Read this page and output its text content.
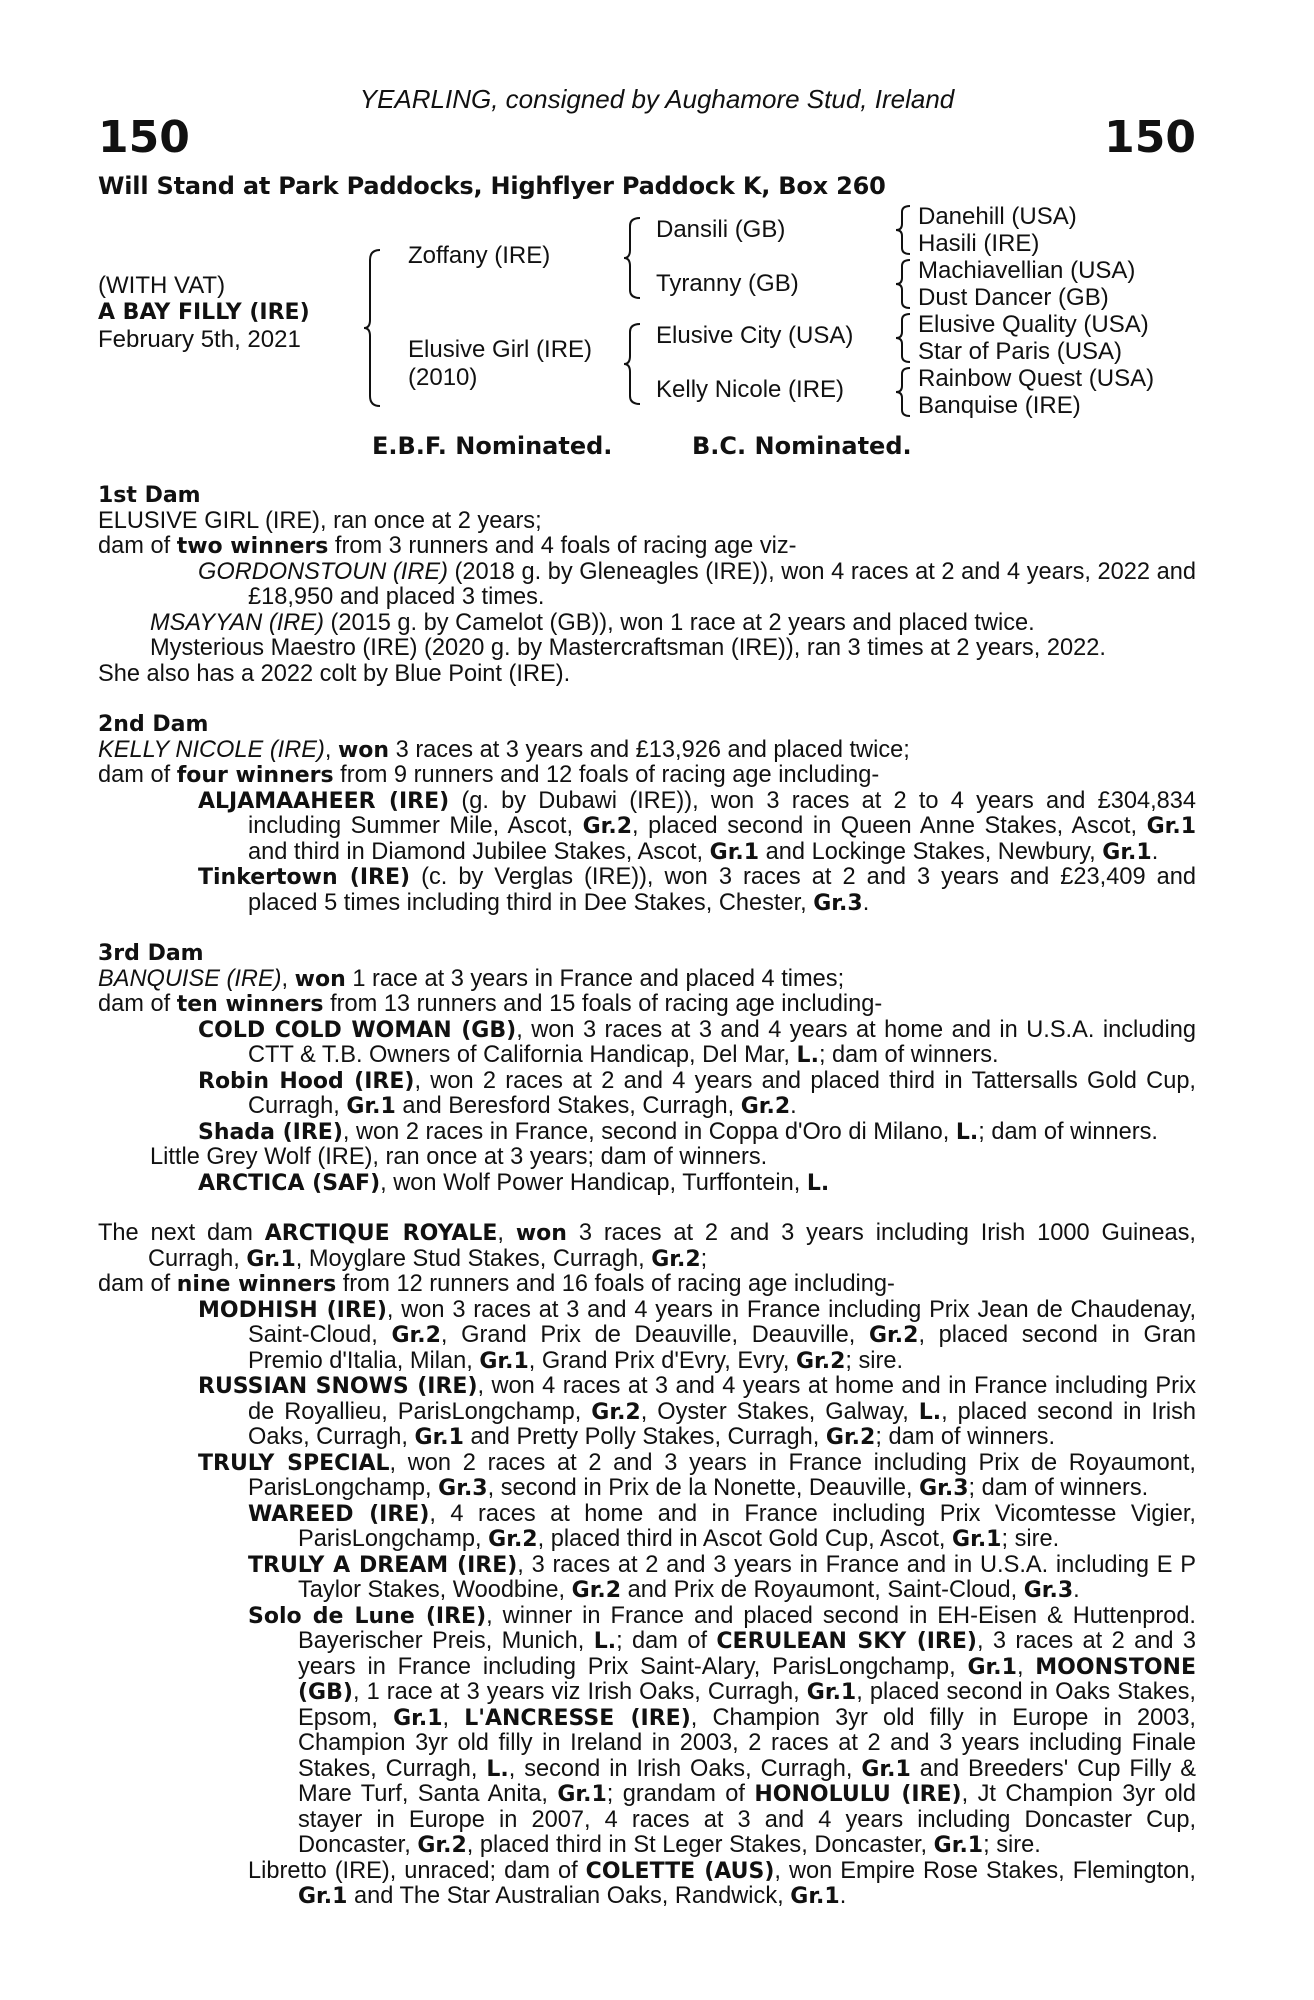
YEARLING, consigned by Aughamore Stud, Ireland
150	150
Will Stand at Park Paddocks, Highflyer Paddock K, Box 260
(WITH VAT)
A BAY FILLY (IRE)
February 5th, 2021
Zoffany (IRE)
Elusive Girl (IRE)
(2010)
Dansili (GB)
Tyranny (GB)
Elusive City (USA)
Kelly Nicole (IRE)
Danehill (USA)
Hasili (IRE)
Machiavellian (USA)
Dust Dancer (GB)
Elusive Quality (USA)
Star of Paris (USA)
Rainbow Quest (USA)
Banquise (IRE)
E.B.F. Nominated.	B.C. Nominated.

1st Dam

ELUSIVE GIRL (IRE), ran once at 2 years;

dam of two winners from 3 runners and 4 foals of racing age viz-

GORDONSTOUN (IRE) (2018 g. by Gleneagles (IRE)), won 4 races at 2 and 4 years, 2022 and £18,950 and placed 3 times.

MSAYYAN (IRE) (2015 g. by Camelot (GB)), won 1 race at 2 years and placed twice.

Mysterious Maestro (IRE) (2020 g. by Mastercraftsman (IRE)), ran 3 times at 2 years, 2022.

She also has a 2022 colt by Blue Point (IRE).

2nd Dam

KELLY NICOLE (IRE), won 3 races at 3 years and £13,926 and placed twice;

dam of four winners from 9 runners and 12 foals of racing age including-

ALJAMAAHEER (IRE) (g. by Dubawi (IRE)), won 3 races at 2 to 4 years and £304,834 including Summer Mile, Ascot, Gr.2, placed second in Queen Anne Stakes, Ascot, Gr.1 and third in Diamond Jubilee Stakes, Ascot, Gr.1 and Lockinge Stakes, Newbury, Gr.1.

Tinkertown (IRE) (c. by Verglas (IRE)), won 3 races at 2 and 3 years and £23,409 and placed 5 times including third in Dee Stakes, Chester, Gr.3.

3rd Dam

BANQUISE (IRE), won 1 race at 3 years in France and placed 4 times;

dam of ten winners from 13 runners and 15 foals of racing age including-

COLD COLD WOMAN (GB), won 3 races at 3 and 4 years at home and in U.S.A. including CTT & T.B. Owners of California Handicap, Del Mar, L.; dam of winners.

Robin Hood (IRE), won 2 races at 2 and 4 years and placed third in Tattersalls Gold Cup, Curragh, Gr.1 and Beresford Stakes, Curragh, Gr.2.

Shada (IRE), won 2 races in France, second in Coppa d'Oro di Milano, L.; dam of winners.

Little Grey Wolf (IRE), ran once at 3 years; dam of winners.

ARCTICA (SAF), won Wolf Power Handicap, Turffontein, L.

The next dam ARCTIQUE ROYALE, won 3 races at 2 and 3 years including Irish 1000 Guineas, Curragh, Gr.1, Moyglare Stud Stakes, Curragh, Gr.2;

dam of nine winners from 12 runners and 16 foals of racing age including-

MODHISH (IRE), won 3 races at 3 and 4 years in France including Prix Jean de Chaudenay, Saint-Cloud, Gr.2, Grand Prix de Deauville, Deauville, Gr.2, placed second in Gran Premio d'Italia, Milan, Gr.1, Grand Prix d'Evry, Evry, Gr.2; sire.

RUSSIAN SNOWS (IRE), won 4 races at 3 and 4 years at home and in France including Prix de Royallieu, ParisLongchamp, Gr.2, Oyster Stakes, Galway, L., placed second in Irish Oaks, Curragh, Gr.1 and Pretty Polly Stakes, Curragh, Gr.2; dam of winners.

TRULY SPECIAL, won 2 races at 2 and 3 years in France including Prix de Royaumont, ParisLongchamp, Gr.3, second in Prix de la Nonette, Deauville, Gr.3; dam of winners.

WAREED (IRE), 4 races at home and in France including Prix Vicomtesse Vigier, ParisLongchamp, Gr.2, placed third in Ascot Gold Cup, Ascot, Gr.1; sire.

TRULY A DREAM (IRE), 3 races at 2 and 3 years in France and in U.S.A. including E P Taylor Stakes, Woodbine, Gr.2 and Prix de Royaumont, Saint-Cloud, Gr.3.

Solo de Lune (IRE), winner in France and placed second in EH-Eisen & Huttenprod. Bayerischer Preis, Munich, L.; dam of CERULEAN SKY (IRE), 3 races at 2 and 3 years in France including Prix Saint-Alary, ParisLongchamp, Gr.1, MOONSTONE (GB), 1 race at 3 years viz Irish Oaks, Curragh, Gr.1, placed second in Oaks Stakes, Epsom, Gr.1, L'ANCRESSE (IRE), Champion 3yr old filly in Europe in 2003, Champion 3yr old filly in Ireland in 2003, 2 races at 2 and 3 years including Finale Stakes, Curragh, L., second in Irish Oaks, Curragh, Gr.1 and Breeders' Cup Filly & Mare Turf, Santa Anita, Gr.1; grandam of HONOLULU (IRE), Jt Champion 3yr old stayer in Europe in 2007, 4 races at 3 and 4 years including Doncaster Cup, Doncaster, Gr.2, placed third in St Leger Stakes, Doncaster, Gr.1; sire.

Libretto (IRE), unraced; dam of COLETTE (AUS), won Empire Rose Stakes, Flemington, Gr.1 and The Star Australian Oaks, Randwick, Gr.1.
